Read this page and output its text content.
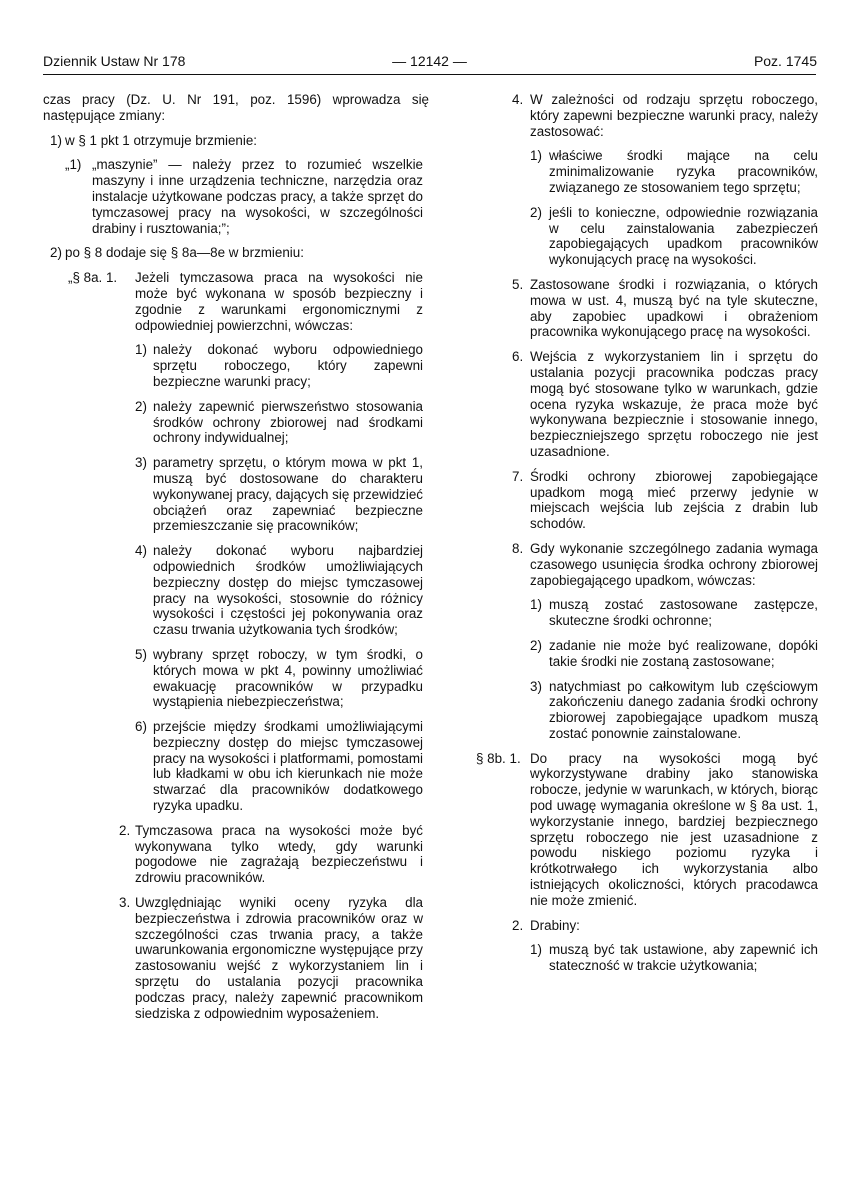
Dziennik Ustaw Nr 178	— 12142 —	Poz. 1745
czas pracy (Dz. U. Nr 191, poz. 1596) wprowadza się następujące zmiany:
1) w § 1 pkt 1 otrzymuje brzmienie:
„1) „maszynie” — należy przez to rozumieć wszelkie maszyny i inne urządzenia techniczne, narzędzia oraz instalacje użytkowane podczas pracy, a także sprzęt do tymczasowej pracy na wysokości, w szczególności drabiny i rusztowania;”;
2) po § 8 dodaje się § 8a—8e w brzmieniu:
„§ 8a. 1. Jeżeli tymczasowa praca na wysokości nie może być wykonana w sposób bezpieczny i zgodnie z warunkami ergonomicznymi z odpowiedniej powierzchni, wówczas:
1) należy dokonać wyboru odpowiedniego sprzętu roboczego, który zapewni bezpieczne warunki pracy;
2) należy zapewnić pierwszeństwo stosowania środków ochrony zbiorowej nad środkami ochrony indywidualnej;
3) parametry sprzętu, o którym mowa w pkt 1, muszą być dostosowane do charakteru wykonywanej pracy, dających się przewidzieć obciążeń oraz zapewniać bezpieczne przemieszczanie się pracowników;
4) należy dokonać wyboru najbardziej odpowiednich środków umożliwiających bezpieczny dostęp do miejsc tymczasowej pracy na wysokości, stosownie do różnicy wysokości i częstości jej pokonywania oraz czasu trwania użytkowania tych środków;
5) wybrany sprzęt roboczy, w tym środki, o których mowa w pkt 4, powinny umożliwiać ewakuację pracowników w przypadku wystąpienia niebezpieczeństwa;
6) przejście między środkami umożliwiającymi bezpieczny dostęp do miejsc tymczasowej pracy na wysokości i platformami, pomostami lub kładkami w obu ich kierunkach nie może stwarzać dla pracowników dodatkowego ryzyka upadku.
2. Tymczasowa praca na wysokości może być wykonywana tylko wtedy, gdy warunki pogodowe nie zagrażają bezpieczeństwu i zdrowiu pracowników.
3. Uwzględniając wyniki oceny ryzyka dla bezpieczeństwa i zdrowia pracowników oraz w szczególności czas trwania pracy, a także uwarunkowania ergonomiczne występujące przy zastosowaniu wejść z wykorzystaniem lin i sprzętu do ustalania pozycji pracownika podczas pracy, należy zapewnić pracownikom siedziska z odpowiednim wyposażeniem.
4. W zależności od rodzaju sprzętu roboczego, który zapewni bezpieczne warunki pracy, należy zastosować:
1) właściwe środki mające na celu zminimalizowanie ryzyka pracowników, związanego ze stosowaniem tego sprzętu;
2) jeśli to konieczne, odpowiednie rozwiązania w celu zainstalowania zabezpieczeń zapobiegających upadkom pracowników wykonujących pracę na wysokości.
5. Zastosowane środki i rozwiązania, o których mowa w ust. 4, muszą być na tyle skuteczne, aby zapobiec upadkowi i obrażeniom pracownika wykonującego pracę na wysokości.
6. Wejścia z wykorzystaniem lin i sprzętu do ustalania pozycji pracownika podczas pracy mogą być stosowane tylko w warunkach, gdzie ocena ryzyka wskazuje, że praca może być wykonywana bezpiecznie i stosowanie innego, bezpieczniejszego sprzętu roboczego nie jest uzasadnione.
7. Środki ochrony zbiorowej zapobiegające upadkom mogą mieć przerwy jedynie w miejscach wejścia lub zejścia z drabin lub schodów.
8. Gdy wykonanie szczególnego zadania wymaga czasowego usunięcia środka ochrony zbiorowej zapobiegającego upadkom, wówczas:
1) muszą zostać zastosowane zastępcze, skuteczne środki ochronne;
2) zadanie nie może być realizowane, dopóki takie środki nie zostaną zastosowane;
3) natychmiast po całkowitym lub częściowym zakończeniu danego zadania środki ochrony zbiorowej zapobiegające upadkom muszą zostać ponownie zainstalowane.
§ 8b. 1. Do pracy na wysokości mogą być wykorzystywane drabiny jako stanowiska robocze, jedynie w warunkach, w których, biorąc pod uwagę wymagania określone w § 8a ust. 1, wykorzystanie innego, bardziej bezpiecznego sprzętu roboczego nie jest uzasadnione z powodu niskiego poziomu ryzyka i krótkotrwałego ich wykorzystania albo istniejących okoliczności, których pracodawca nie może zmienić.
2. Drabiny:
1) muszą być tak ustawione, aby zapewnić ich stateczność w trakcie użytkowania;
